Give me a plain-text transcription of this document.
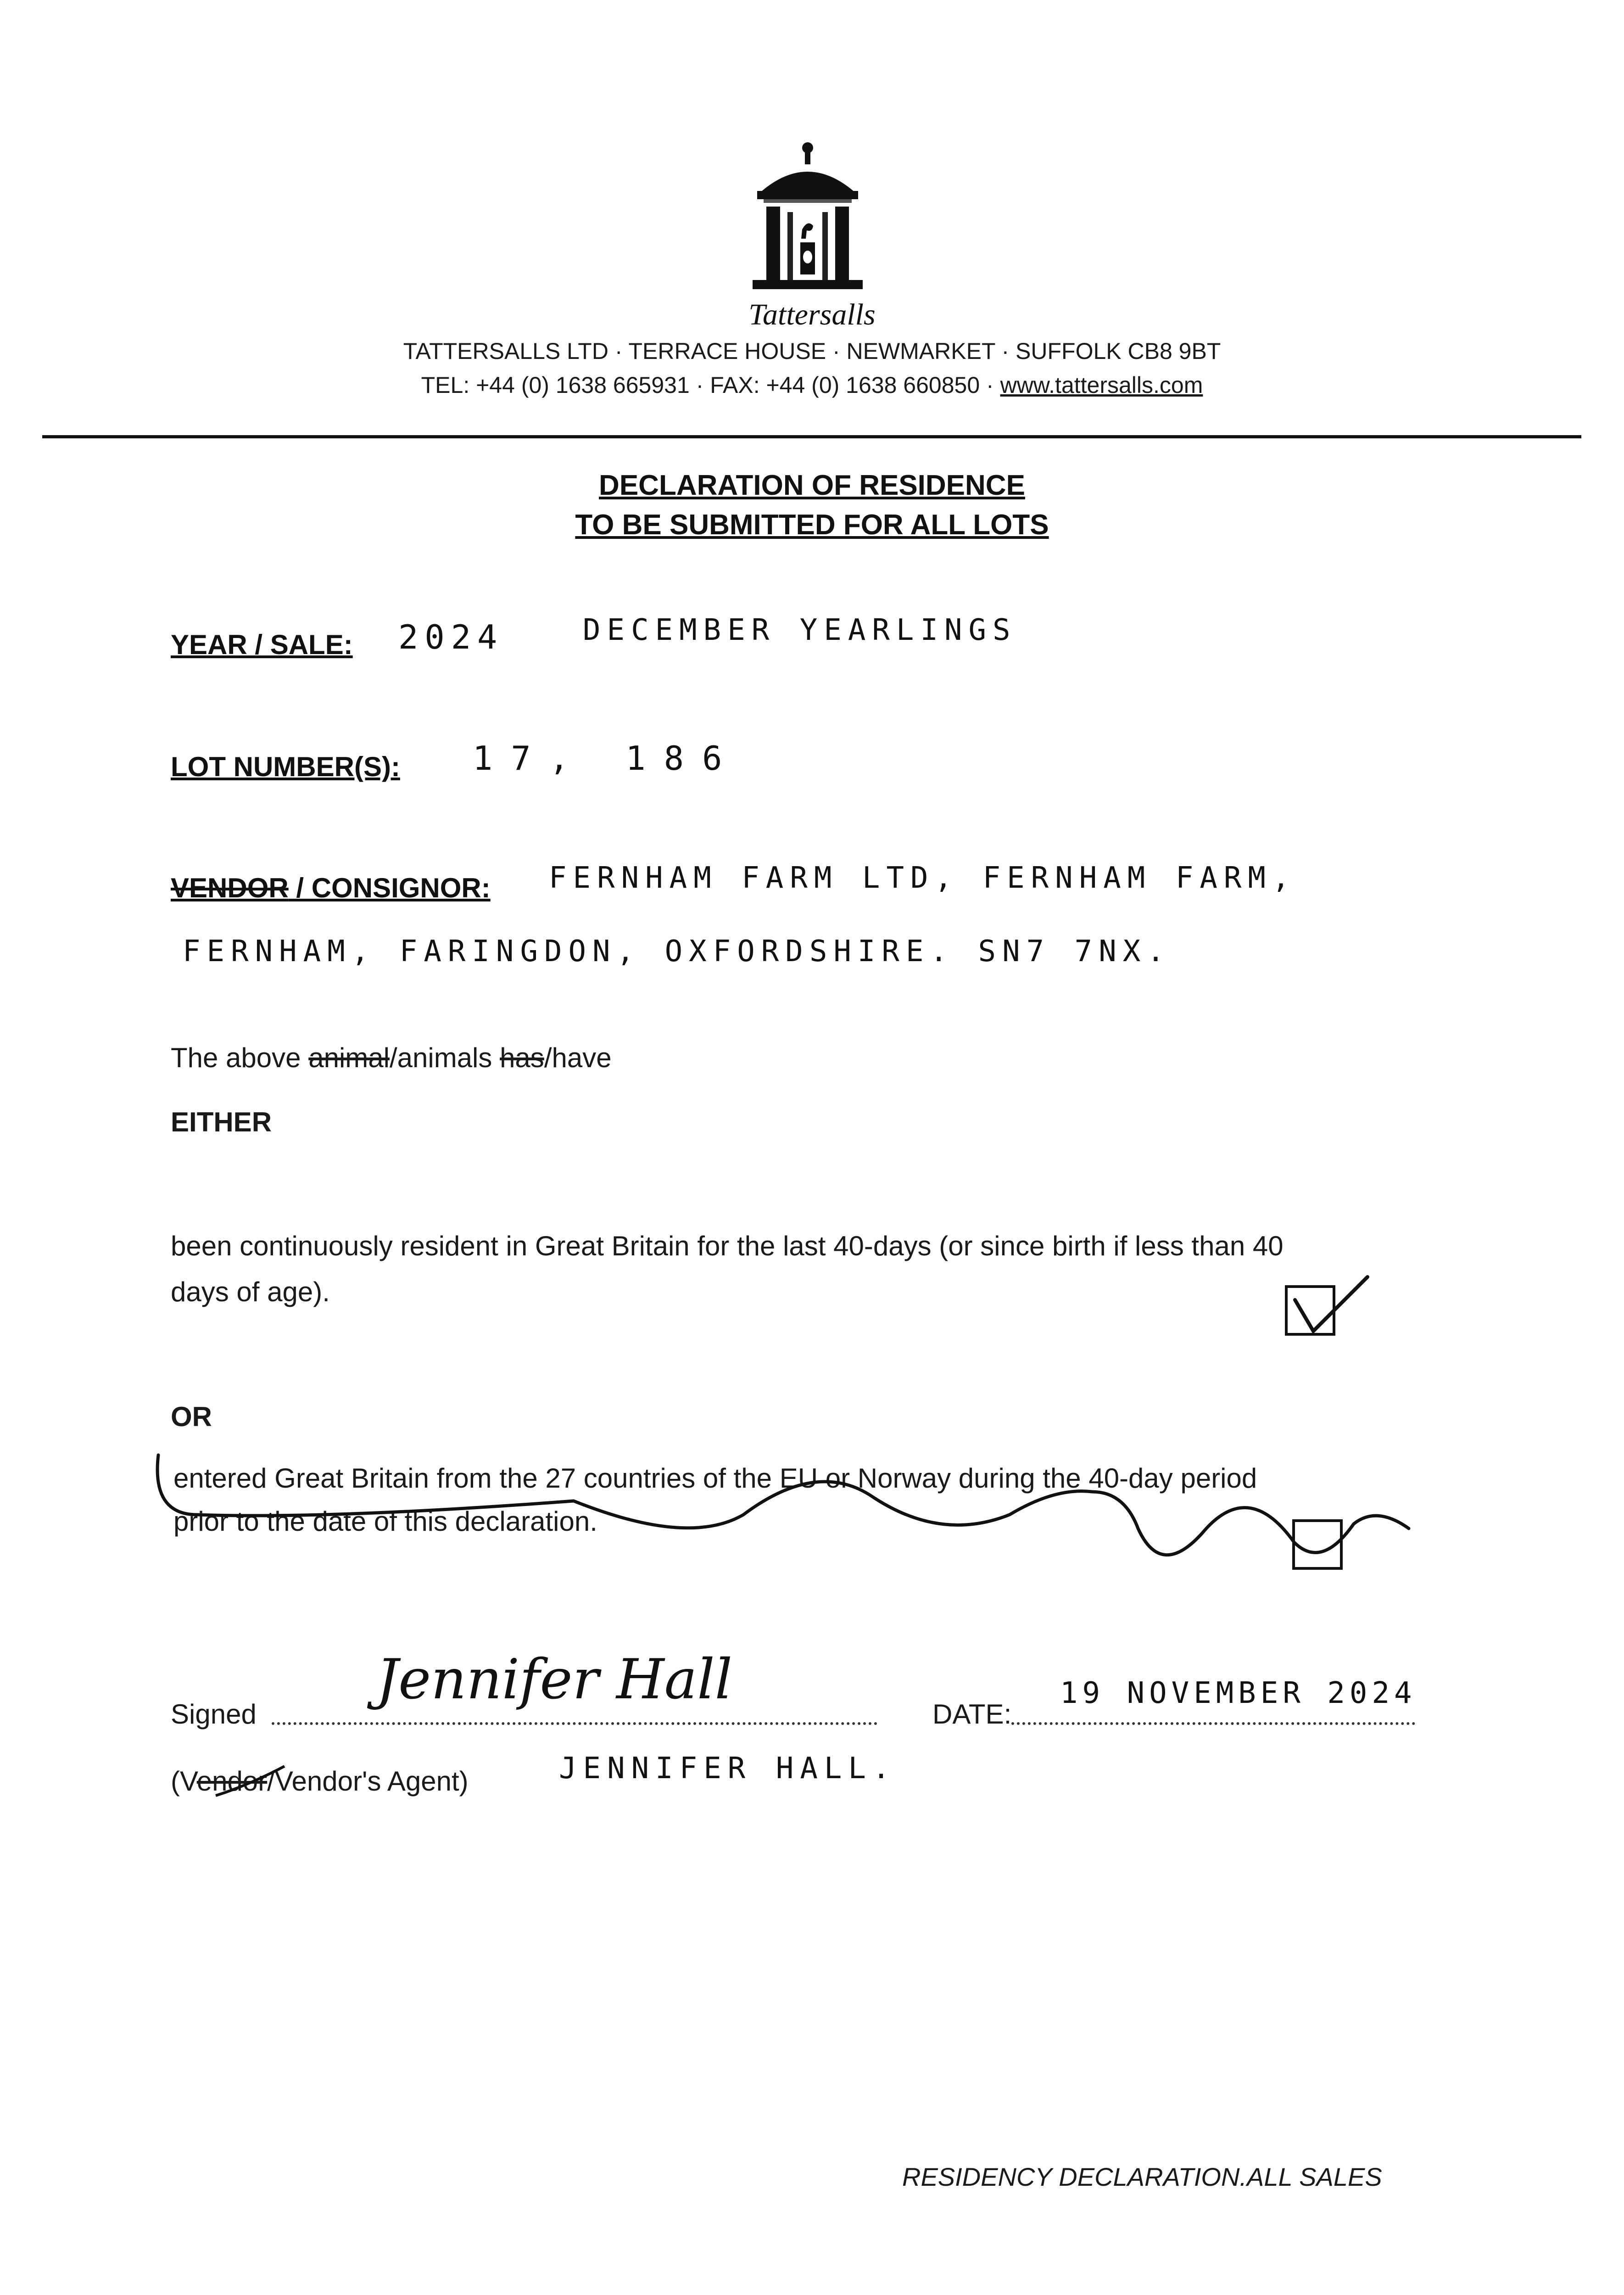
Tattersalls
TATTERSALLS LTD · TERRACE HOUSE · NEWMARKET · SUFFOLK CB8 9BT
TEL: +44 (0) 1638 665931 · FAX: +44 (0) 1638 660850 · www.tattersalls.com
DECLARATION OF RESIDENCE
TO BE SUBMITTED FOR ALL LOTS
YEAR / SALE: 2024	DECEMBER YEARLINGS
LOT NUMBER(S): 17, 186
VENDOR / CONSIGNOR: FERNHAM FARM LTD, FERNHAM FARM,
FERNHAM, FARINGDON, OXFORDSHIRE. SN7 7NX.
The above animal/animals has/have
EITHER
been continuously resident in Great Britain for the last 40-days (or since birth if less than 40
days of age).
OR
entered Great Britain from the 27 countries of the EU or Norway during the 40-day period
prior to the date of this declaration.
Signed
Jennifer Hall
DATE:
19 NOVEMBER 2024
(Vendor/Vendor's Agent)	JENNIFER HALL.
RESIDENCY DECLARATION.ALL SALES
